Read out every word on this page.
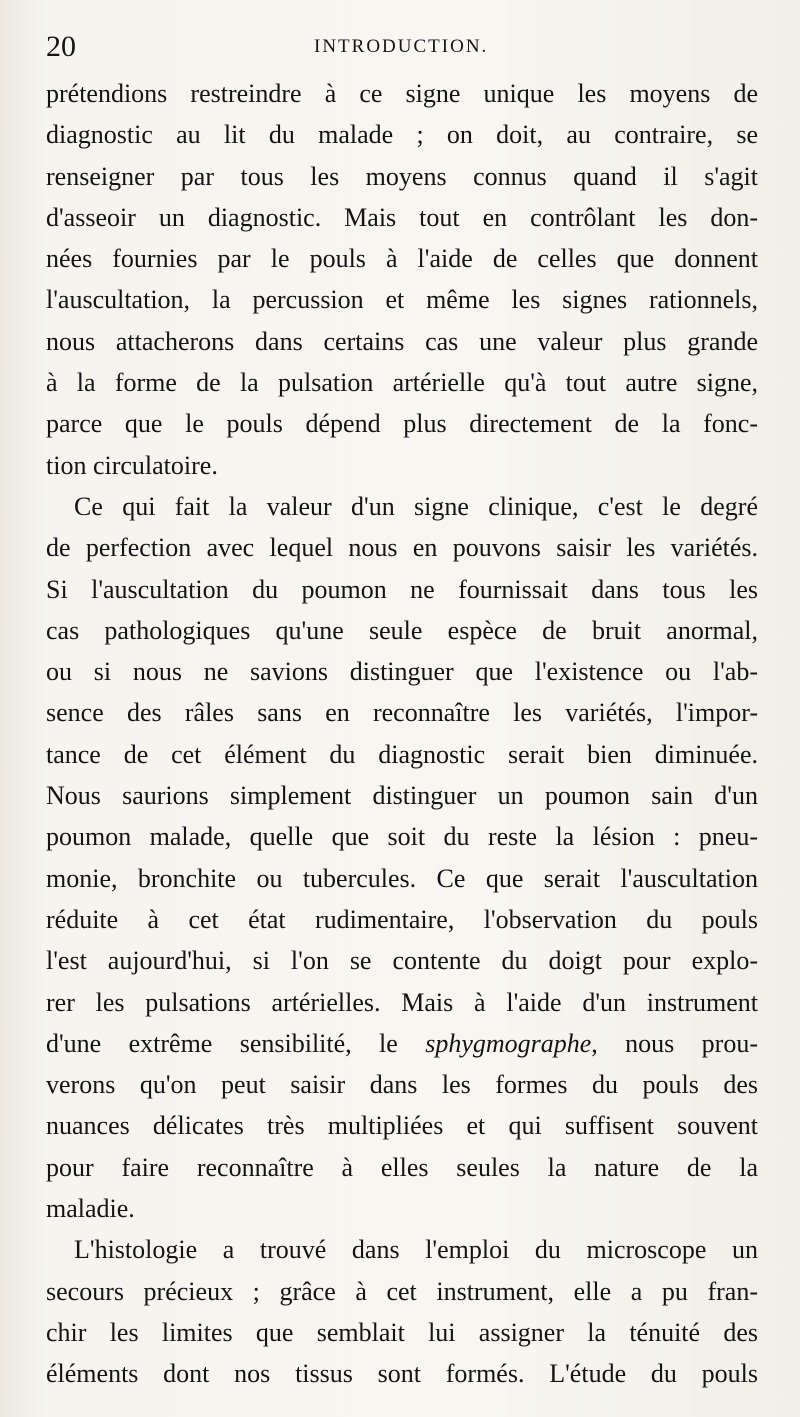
20	INTRODUCTION.
prétendions restreindre à ce signe unique les moyens de
diagnostic au lit du malade ; on doit, au contraire, se
renseigner par tous les moyens connus quand il s'agit
d'asseoir un diagnostic. Mais tout en contrôlant les don-
nées fournies par le pouls à l'aide de celles que donnent
l'auscultation, la percussion et même les signes rationnels,
nous attacherons dans certains cas une valeur plus grande
à la forme de la pulsation artérielle qu'à tout autre signe,
parce que le pouls dépend plus directement de la fonc-
tion circulatoire.
Ce qui fait la valeur d'un signe clinique, c'est le degré
de perfection avec lequel nous en pouvons saisir les variétés.
Si l'auscultation du poumon ne fournissait dans tous les
cas pathologiques qu'une seule espèce de bruit anormal,
ou si nous ne savions distinguer que l'existence ou l'ab-
sence des râles sans en reconnaître les variétés, l'impor-
tance de cet élément du diagnostic serait bien diminuée.
Nous saurions simplement distinguer un poumon sain d'un
poumon malade, quelle que soit du reste la lésion : pneu-
monie, bronchite ou tubercules. Ce que serait l'auscultation
réduite à cet état rudimentaire, l'observation du pouls
l'est aujourd'hui, si l'on se contente du doigt pour explo-
rer les pulsations artérielles. Mais à l'aide d'un instrument
d'une extrême sensibilité, le sphygmographe, nous prou-
verons qu'on peut saisir dans les formes du pouls des
nuances délicates très multipliées et qui suffisent souvent
pour faire reconnaître à elles seules la nature de la
maladie.
L'histologie a trouvé dans l'emploi du microscope un
secours précieux ; grâce à cet instrument, elle a pu fran-
chir les limites que semblait lui assigner la ténuité des
éléments dont nos tissus sont formés. L'étude du pouls
